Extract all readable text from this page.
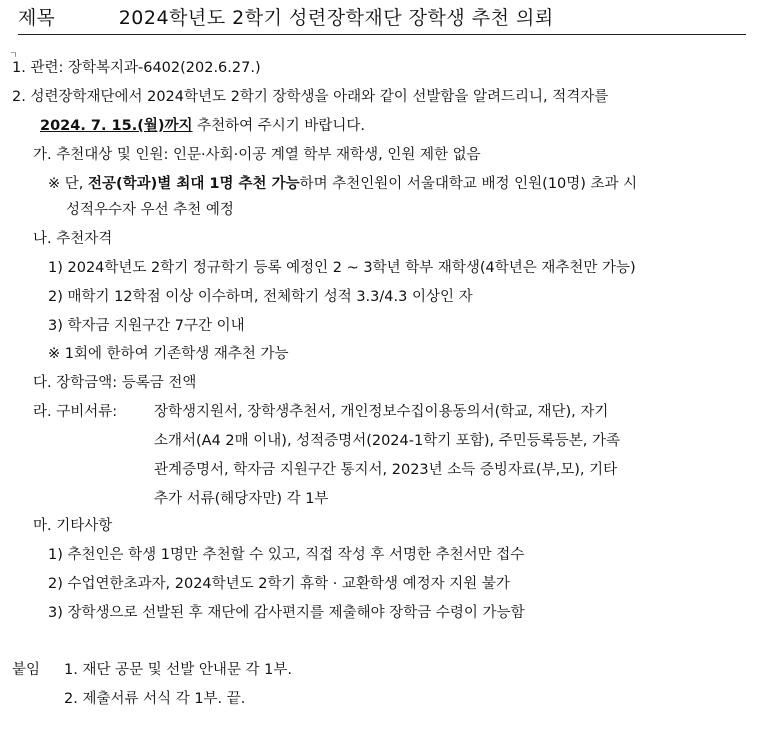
제목	2024학년도 2학기 성련장학재단 장학생 추천 의뢰
ㄱ
1. 관련: 장학복지과-6402(202.6.27.)
2. 성련장학재단에서 2024학년도 2학기 장학생을 아래와 같이 선발함을 알려드리니, 적격자를
2024. 7. 15.(월)까지 추천하여 주시기 바랍니다.
가. 추천대상 및 인원: 인문·사회·이공 계열 학부 재학생, 인원 제한 없음
※ 단, 전공(학과)별 최대 1명 추천 가능하며 추천인원이 서울대학교 배정 인원(10명) 초과 시
성적우수자 우선 추천 예정
나. 추천자격
1) 2024학년도 2학기 정규학기 등록 예정인 2 ~ 3학년 학부 재학생(4학년은 재추천만 가능)
2) 매학기 12학점 이상 이수하며, 전체학기 성적 3.3/4.3 이상인 자
3) 학자금 지원구간 7구간 이내
※ 1회에 한하여 기존학생 재추천 가능
다. 장학금액: 등록금 전액
라. 구비서류:	장학생지원서, 장학생추천서, 개인정보수집이용동의서(학교, 재단), 자기
소개서(A4 2매 이내), 성적증명서(2024-1학기 포함), 주민등록등본, 가족
관계증명서, 학자금 지원구간 통지서, 2023년 소득 증빙자료(부,모), 기타
추가 서류(해당자만) 각 1부
마. 기타사항
1) 추천인은 학생 1명만 추천할 수 있고, 직접 작성 후 서명한 추천서만 접수
2) 수업연한초과자, 2024학년도 2학기 휴학 · 교환학생 예정자 지원 불가
3) 장학생으로 선발된 후 재단에 감사편지를 제출해야 장학금 수령이 가능함
붙임 1. 재단 공문 및 선발 안내문 각 1부.
2. 제출서류 서식 각 1부. 끝.
